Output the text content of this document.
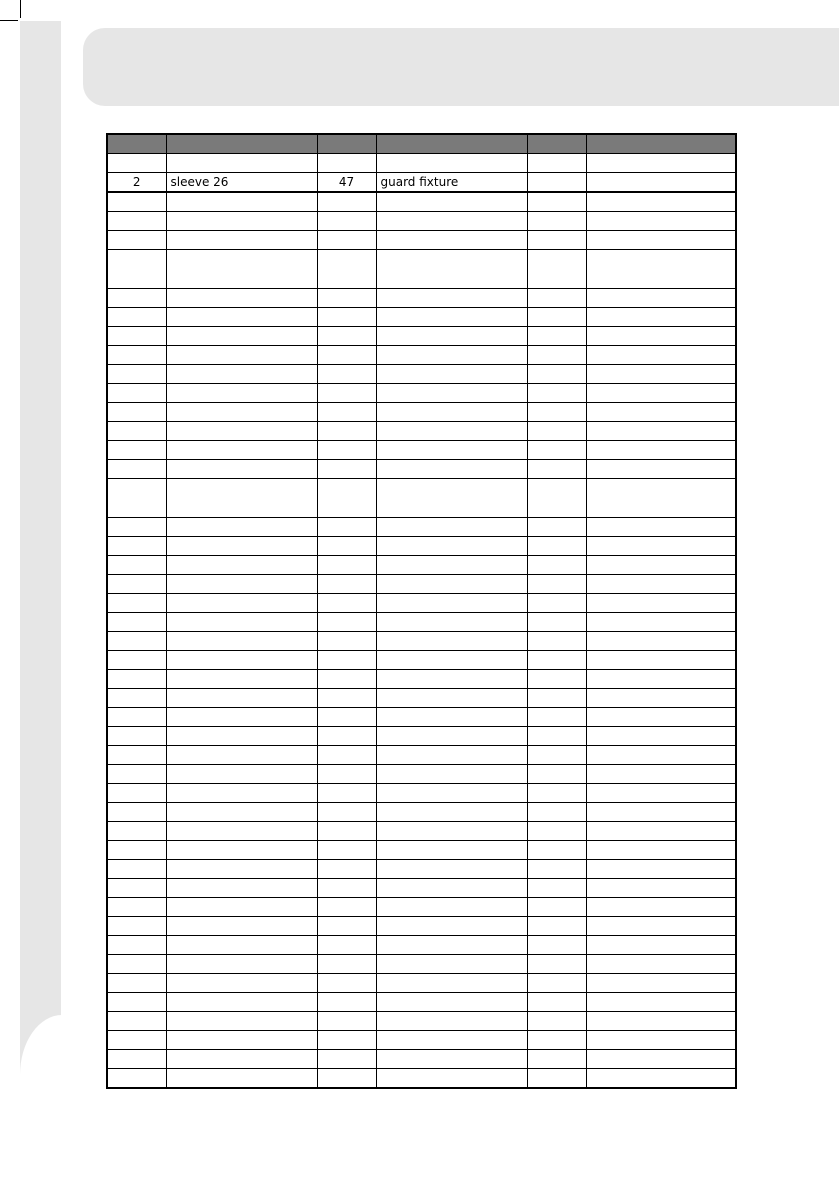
2	sleeve 26	47	guard fixture		
